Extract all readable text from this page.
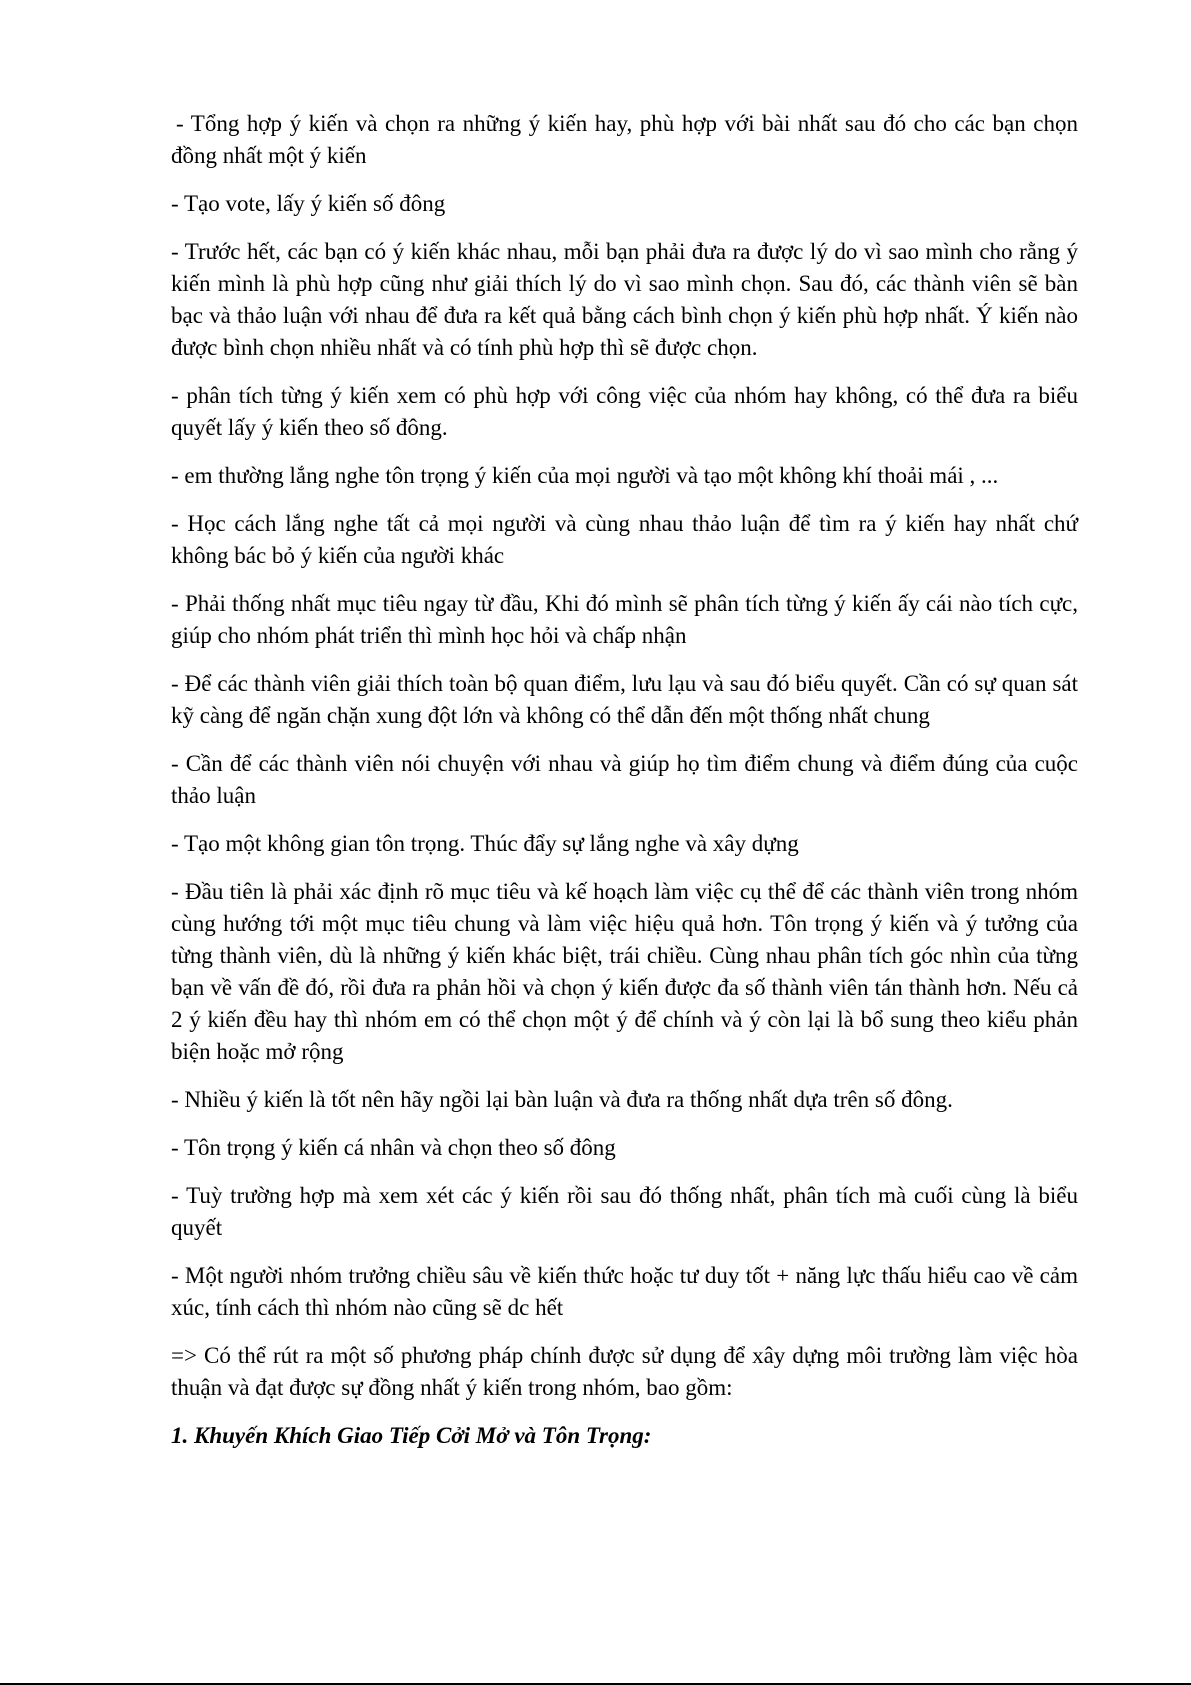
- Tổng hợp ý kiến và chọn ra những ý kiến hay, phù hợp với bài nhất sau đó cho các bạn chọn đồng nhất một ý kiến

- Tạo vote, lấy ý kiến số đông

- Trước hết, các bạn có ý kiến khác nhau, mỗi bạn phải đưa ra được lý do vì sao mình cho rằng ý kiến mình là phù hợp cũng như giải thích lý do vì sao mình chọn. Sau đó, các thành viên sẽ bàn bạc và thảo luận với nhau để đưa ra kết quả bằng cách bình chọn ý kiến phù hợp nhất. Ý kiến nào được bình chọn nhiều nhất và có tính phù hợp thì sẽ được chọn.

- phân tích từng ý kiến xem có phù hợp với công việc của nhóm hay không, có thể đưa ra biểu quyết lấy ý kiến theo số đông.

- em thường lắng nghe tôn trọng ý kiến của mọi người và tạo một không khí thoải mái , ...

- Học cách lắng nghe tất cả mọi người và cùng nhau thảo luận để tìm ra ý kiến hay nhất chứ không bác bỏ ý kiến của người khác

- Phải thống nhất mục tiêu ngay từ đầu, Khi đó mình sẽ phân tích từng ý kiến ấy cái nào tích cực, giúp cho nhóm phát triển thì mình học hỏi và chấp nhận

- Để các thành viên giải thích toàn bộ quan điểm, lưu lạu và sau đó biểu quyết. Cần có sự quan sát kỹ càng để ngăn chặn xung đột lớn và không có thể dẫn đến một thống nhất chung

- Cần để các thành viên nói chuyện với nhau và giúp họ tìm điểm chung và điểm đúng của cuộc thảo luận

- Tạo một không gian tôn trọng. Thúc đẩy sự lắng nghe và xây dựng

- Đầu tiên là phải xác định rõ mục tiêu và kế hoạch làm việc cụ thể để các thành viên trong nhóm cùng hướng tới một mục tiêu chung và làm việc hiệu quả hơn. Tôn trọng ý kiến và ý tưởng của từng thành viên, dù là những ý kiến khác biệt, trái chiều. Cùng nhau phân tích góc nhìn của từng bạn về vấn đề đó, rồi đưa ra phản hồi và chọn ý kiến được đa số thành viên tán thành hơn. Nếu cả 2 ý kiến đều hay thì nhóm em có thể chọn một ý để chính và ý còn lại là bổ sung theo kiểu phản biện hoặc mở rộng

- Nhiều ý kiến là tốt nên hãy ngồi lại bàn luận và đưa ra thống nhất dựa trên số đông.

- Tôn trọng ý kiến cá nhân và chọn theo số đông

- Tuỳ trường hợp mà xem xét các ý kiến rồi sau đó thống nhất, phân tích mà cuối cùng là biểu quyết

- Một người nhóm trưởng chiều sâu về kiến thức hoặc tư duy tốt + năng lực thấu hiểu cao về cảm xúc, tính cách thì nhóm nào cũng sẽ dc hết

=> Có thể rút ra một số phương pháp chính được sử dụng để xây dựng môi trường làm việc hòa thuận và đạt được sự đồng nhất ý kiến trong nhóm, bao gồm:

1. Khuyến Khích Giao Tiếp Cởi Mở và Tôn Trọng:
